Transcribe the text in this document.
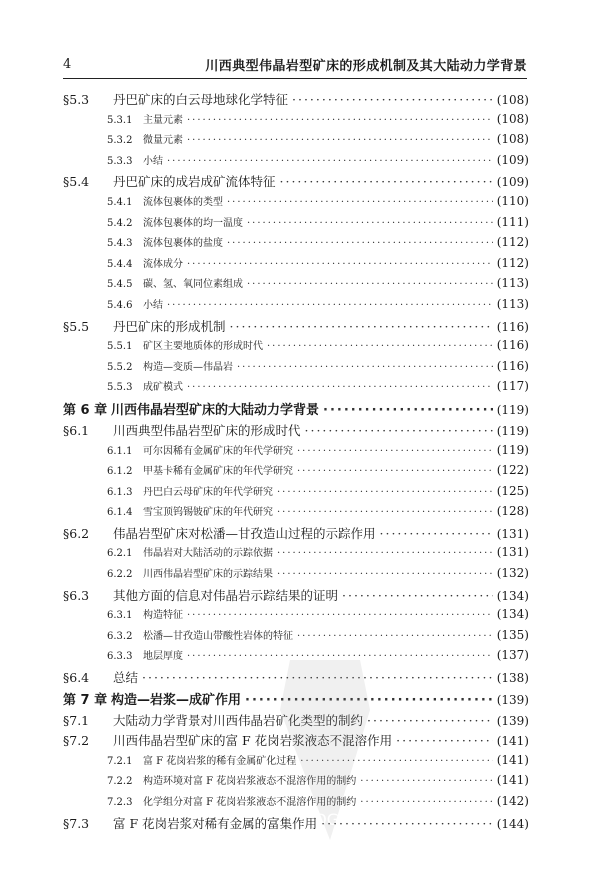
4	川西典型伟晶岩型矿床的形成机制及其大陆动力学背景
§5.3	丹巴矿床的白云母地球化学特征 ·····	(108)
5.3.1	主量元素 ·····	(108)
5.3.2	微量元素 ·····	(108)
5.3.3	小结 ·····	(109)
§5.4	丹巴矿床的成岩成矿流体特征 ·····	(109)
5.4.1	流体包裹体的类型 ·····	(110)
5.4.2	流体包裹体的均一温度 ·····	(111)
5.4.3	流体包裹体的盐度 ·····	(112)
5.4.4	流体成分 ·····	(112)
5.4.5	碳、氢、氧同位素组成 ·····	(113)
5.4.6	小结 ·····	(113)
§5.5	丹巴矿床的形成机制 ·····	(116)
5.5.1	矿区主要地质体的形成时代 ·····	(116)
5.5.2	构造—变质—伟晶岩 ·····	(116)
5.5.3	成矿模式 ·····	(117)
第 6 章 川西伟晶岩型矿床的大陆动力学背景 ·····	(119)
§6.1	川西典型伟晶岩型矿床的形成时代 ·····	(119)
6.1.1	可尔因稀有金属矿床的年代学研究 ·····	(119)
6.1.2	甲基卡稀有金属矿床的年代学研究 ·····	(122)
6.1.3	丹巴白云母矿床的年代学研究 ·····	(125)
6.1.4	雪宝顶钨锡铍矿床的年代研究 ·····	(128)
§6.2	伟晶岩型矿床对松潘—甘孜造山过程的示踪作用 ·····	(131)
6.2.1	伟晶岩对大陆活动的示踪依据 ·····	(131)
6.2.2	川西伟晶岩型矿床的示踪结果 ·····	(132)
§6.3	其他方面的信息对伟晶岩示踪结果的证明 ·····	(134)
6.3.1	构造特征 ·····	(134)
6.3.2	松潘—甘孜造山带酸性岩体的特征 ·····	(135)
6.3.3	地层厚度 ·····	(137)
§6.4	总结 ·····	(138)
第 7 章 构造—岩浆—成矿作用 ·····	(139)
§7.1	大陆动力学背景对川西伟晶岩矿化类型的制约 ·····	(139)
§7.2	川西伟晶岩型矿床的富 F 花岗岩浆液态不混溶作用 ·····	(141)
7.2.1	富 F 花岗岩浆的稀有金属矿化过程 ·····	(141)
7.2.2	构造环境对富 F 花岗岩浆液态不混溶作用的制约 ·····	(141)
7.2.3	化学组分对富 F 花岗岩浆液态不混溶作用的制约 ·····	(142)
§7.3	富 F 花岗岩浆对稀有金属的富集作用 ·····	(144)
PDG
